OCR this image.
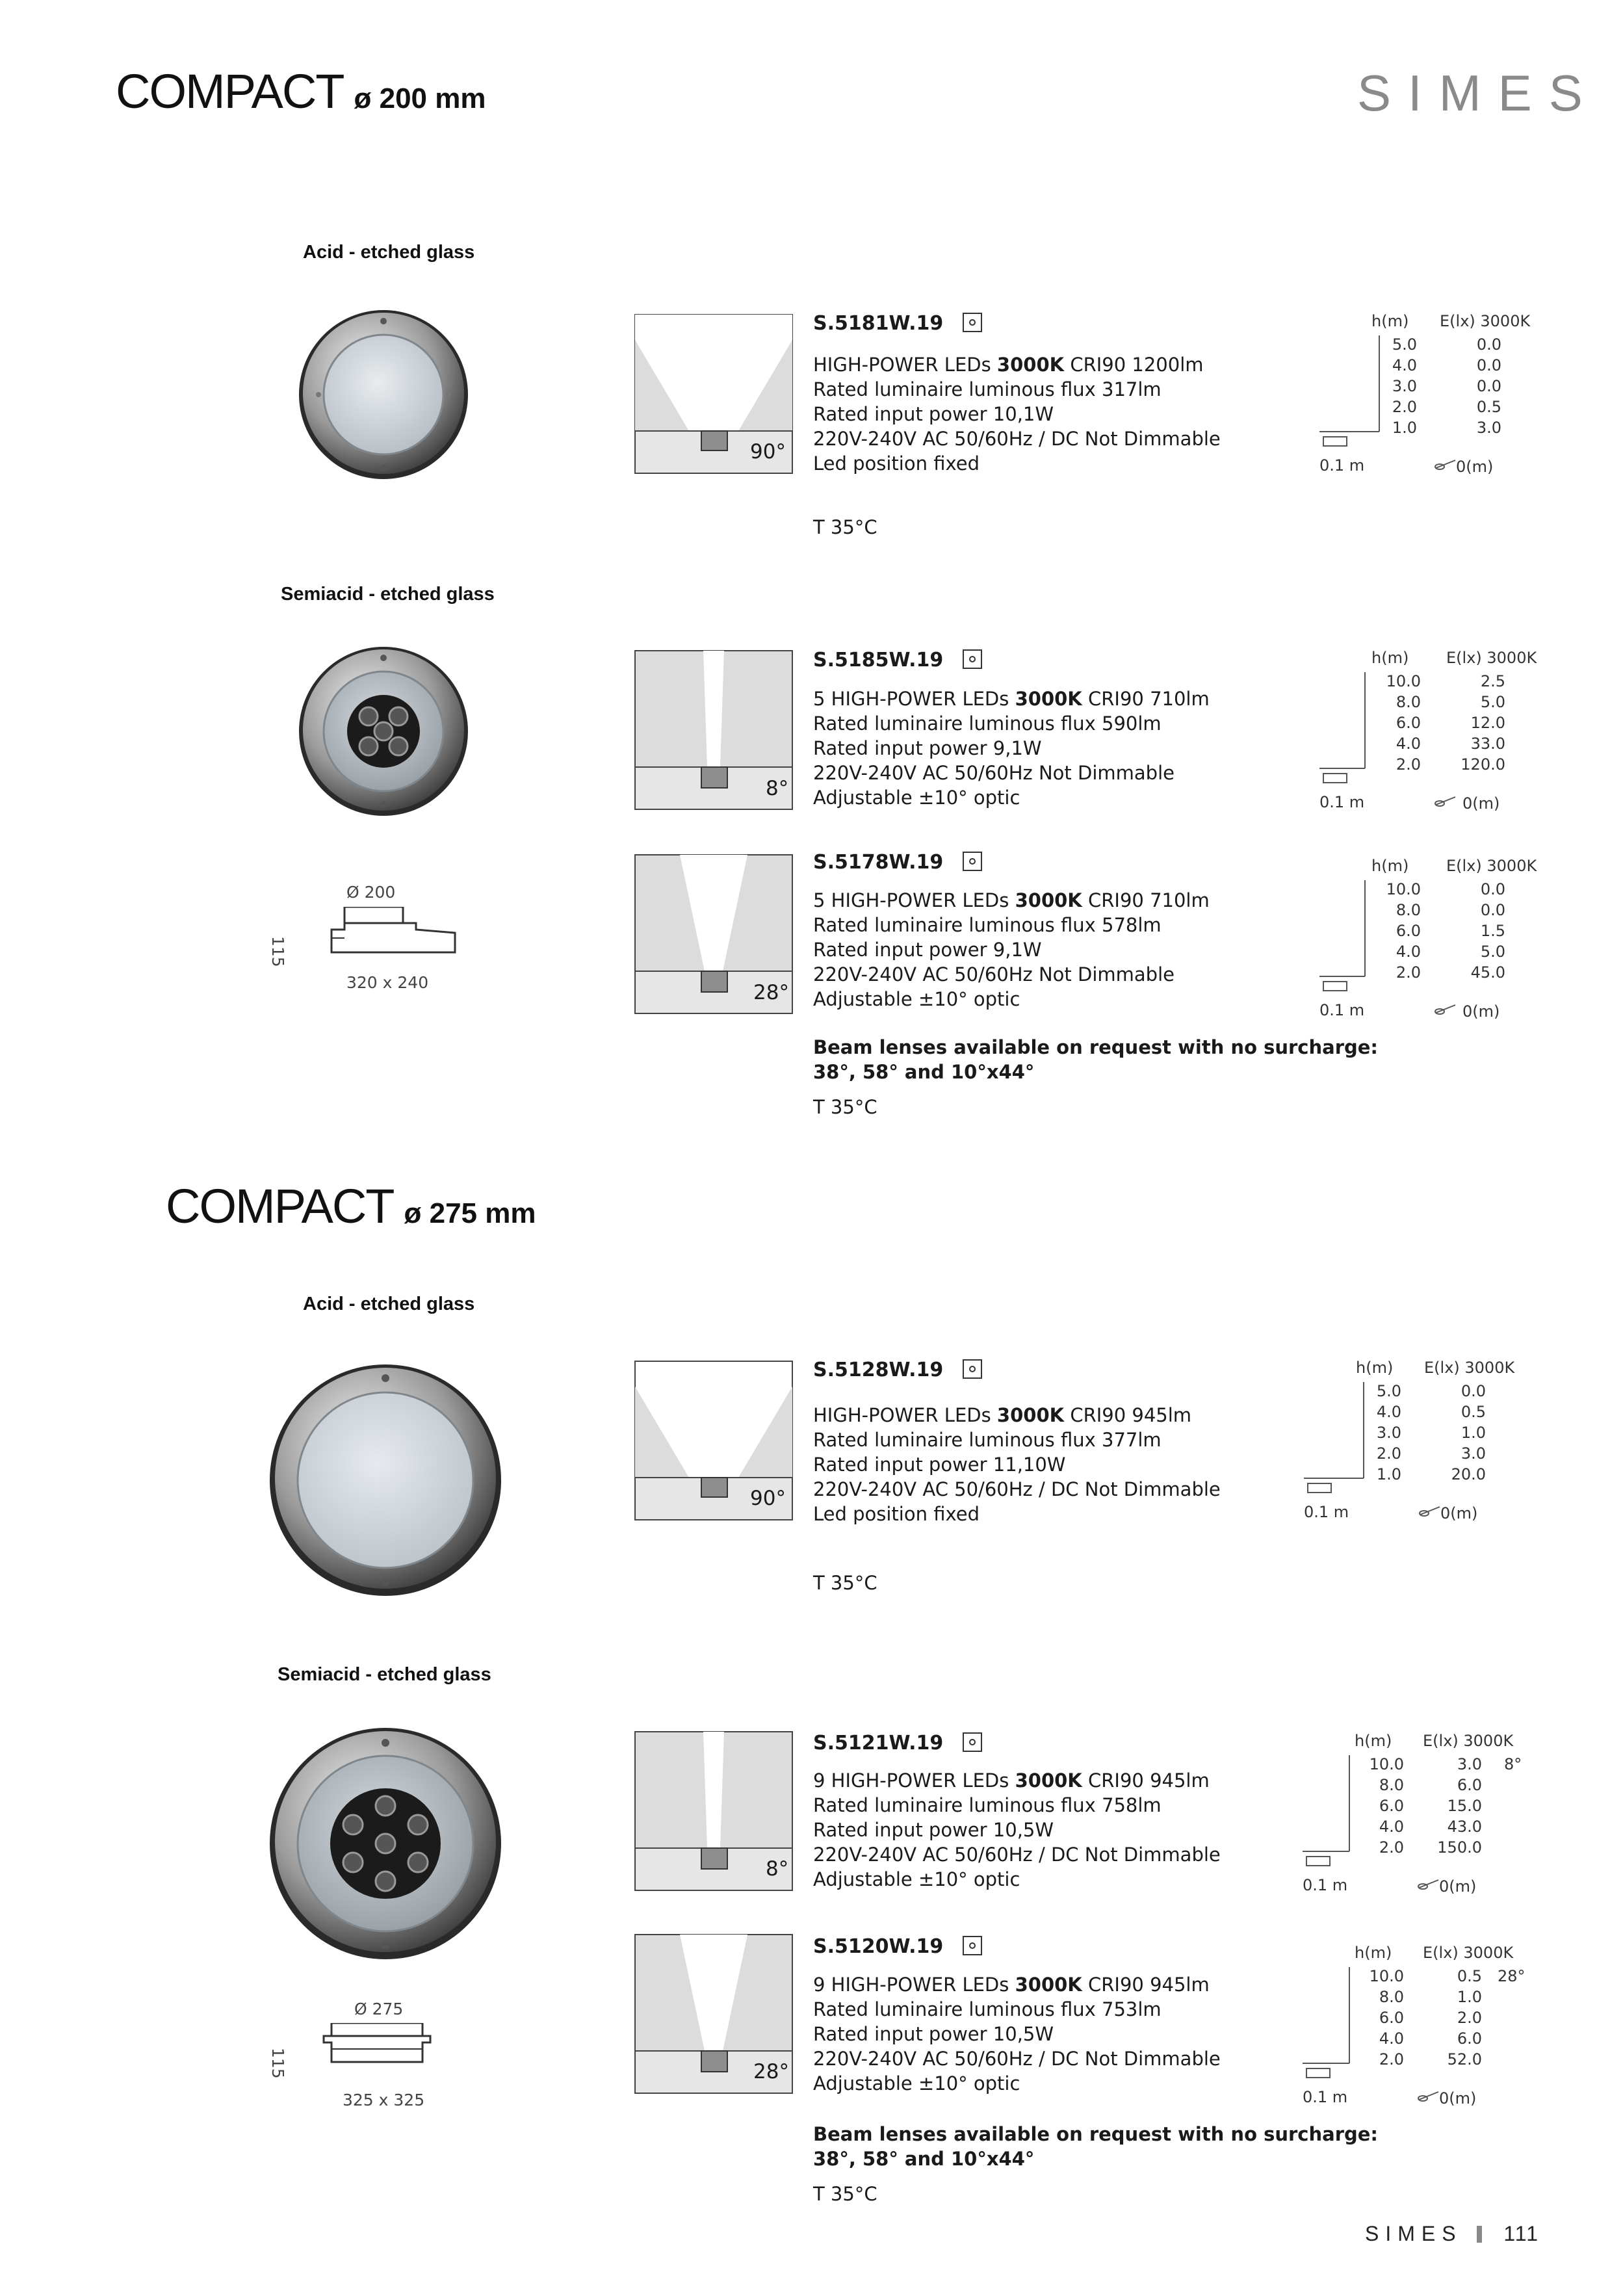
COMPACT ø 200 mm	SIMES
Acid - etched glass
90°
S.5181W.19
HIGH-POWER LEDs 3000K CRI90 1200lm
Rated luminaire luminous flux 317lm
Rated input power 10,1W
220V-240V AC 50/60Hz / DC Not Dimmable
Led position fixed
h(m) E(lx) 3000K
5.0	0.0
4.0	0.0
3.0	0.0
2.0	0.5
1.0	3.0
0.1 m	0(m)
T 35°C
Semiacid - etched glass
8°
S.5185W.19
5 HIGH-POWER LEDs 3000K CRI90 710lm
Rated luminaire luminous flux 590lm
Rated input power 9,1W
220V-240V AC 50/60Hz Not Dimmable
Adjustable ±10° optic
h(m) E(lx) 3000K
10.0	2.5
8.0	5.0
6.0	12.0
4.0	33.0
2.0	120.0
0.1 m	0(m)
Ø 200
115
320 x 240	28°
S.5178W.19
5 HIGH-POWER LEDs 3000K CRI90 710lm
Rated luminaire luminous flux 578lm
Rated input power 9,1W
220V-240V AC 50/60Hz Not Dimmable
Adjustable ±10° optic
h(m) E(lx) 3000K
10.0	0.0
8.0	0.0
6.0	1.5
4.0	5.0
2.0	45.0
0.1 m	0(m)
Beam lenses available on request with no surcharge:
38°, 58° and 10°x44°
T 35°C
COMPACT ø 275 mm
Acid - etched glass
90°
S.5128W.19
HIGH-POWER LEDs 3000K CRI90 945lm
Rated luminaire luminous flux 377lm
Rated input power 11,10W
220V-240V AC 50/60Hz / DC Not Dimmable
Led position fixed
h(m) E(lx) 3000K
5.0	0.0
4.0	0.5
3.0	1.0
2.0	3.0
1.0	20.0
0.1 m	0(m)
T 35°C
Semiacid - etched glass
8°
S.5121W.19
9 HIGH-POWER LEDs 3000K CRI90 945lm
Rated luminaire luminous flux 758lm
Rated input power 10,5W
220V-240V AC 50/60Hz / DC Not Dimmable
Adjustable ±10° optic
h(m) E(lx) 3000K
10.0	3.0 8°
8.0	6.0
6.0	15.0
4.0	43.0
2.0	150.0
0.1 m	0(m)
Ø 275
115
325 x 325
28°
S.5120W.19
9 HIGH-POWER LEDs 3000K CRI90 945lm
Rated luminaire luminous flux 753lm
Rated input power 10,5W
220V-240V AC 50/60Hz / DC Not Dimmable
Adjustable ±10° optic
h(m) E(lx) 3000K
10.0	0.5 28°
8.0	1.0
6.0	2.0
4.0	6.0
2.0	52.0
0.1 m	0(m)
Beam lenses available on request with no surcharge:
38°, 58° and 10°x44°
T 35°C
SIMES 111
